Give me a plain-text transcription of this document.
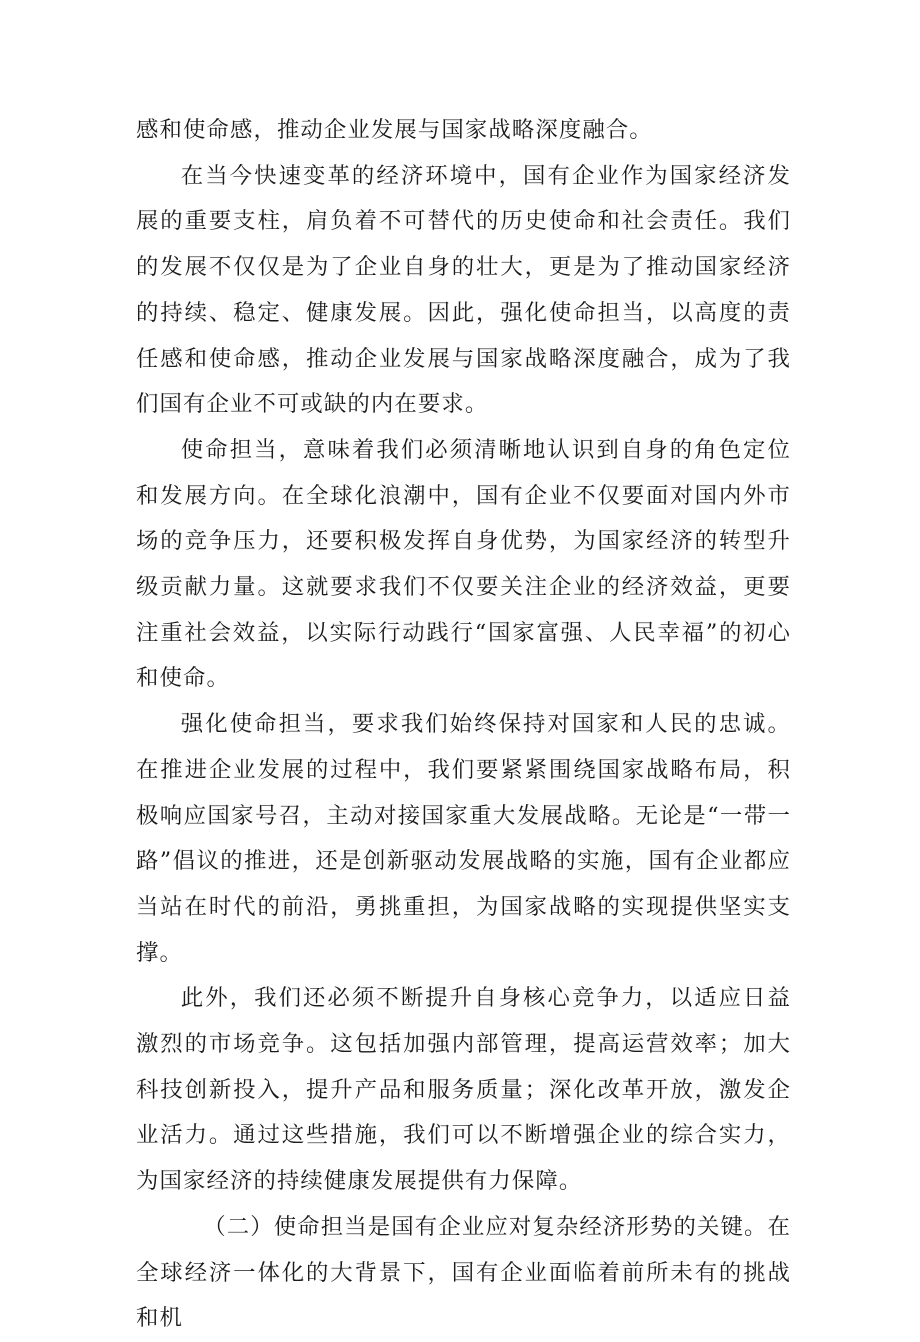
感和使命感，推动企业发展与国家战略深度融合。

在当今快速变革的经济环境中，国有企业作为国家经济发展的重要支柱，肩负着不可替代的历史使命和社会责任。我们的发展不仅仅是为了企业自身的壮大，更是为了推动国家经济的持续、稳定、健康发展。因此，强化使命担当，以高度的责任感和使命感，推动企业发展与国家战略深度融合，成为了我们国有企业不可或缺的内在要求。

使命担当，意味着我们必须清晰地认识到自身的角色定位和发展方向。在全球化浪潮中，国有企业不仅要面对国内外市场的竞争压力，还要积极发挥自身优势，为国家经济的转型升级贡献力量。这就要求我们不仅要关注企业的经济效益，更要注重社会效益，以实际行动践行“国家富强、人民幸福”的初心和使命。

强化使命担当，要求我们始终保持对国家和人民的忠诚。在推进企业发展的过程中，我们要紧紧围绕国家战略布局，积极响应国家号召，主动对接国家重大发展战略。无论是“一带一路”倡议的推进，还是创新驱动发展战略的实施，国有企业都应当站在时代的前沿，勇挑重担，为国家战略的实现提供坚实支撑。

此外，我们还必须不断提升自身核心竞争力，以适应日益激烈的市场竞争。这包括加强内部管理，提高运营效率；加大科技创新投入，提升产品和服务质量；深化改革开放，激发企业活力。通过这些措施，我们可以不断增强企业的综合实力，为国家经济的持续健康发展提供有力保障。

（二）使命担当是国有企业应对复杂经济形势的关键。在全球经济一体化的大背景下，国有企业面临着前所未有的挑战和机
